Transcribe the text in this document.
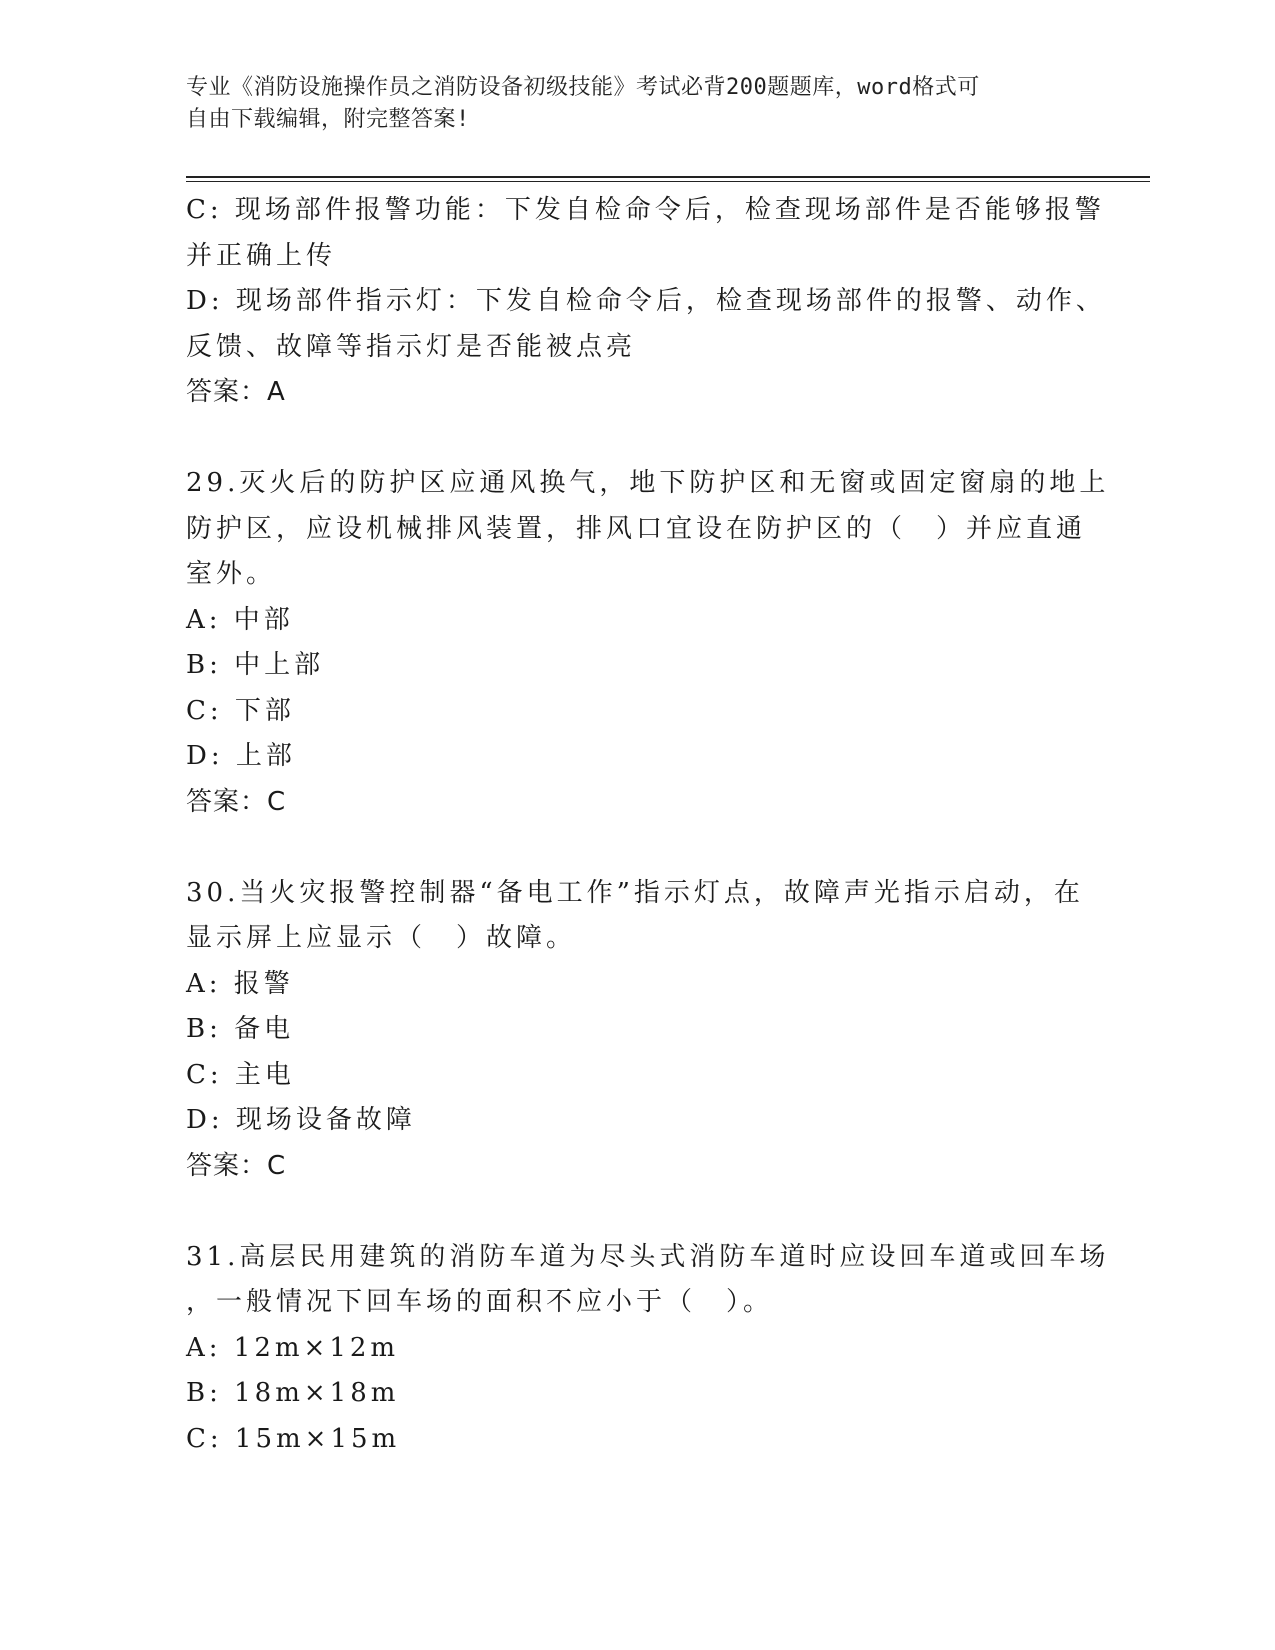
专业《消防设施操作员之消防设备初级技能》考试必背200题题库，word格式可
自由下载编辑，附完整答案!
C: 现场部件报警功能：下发自检命令后，检查现场部件是否能够报警
并正确上传
D: 现场部件指示灯：下发自检命令后，检查现场部件的报警、动作、
反馈、故障等指示灯是否能被点亮
答案：A
29.灭火后的防护区应通风换气，地下防护区和无窗或固定窗扇的地上
防护区，应设机械排风装置，排风口宜设在防护区的（　）并应直通
室外。
A: 中部
B: 中上部
C: 下部
D: 上部
答案：C
30.当火灾报警控制器“备电工作”指示灯点，故障声光指示启动，在
显示屏上应显示（　）故障。
A: 报警
B: 备电
C: 主电
D: 现场设备故障
答案：C
31.高层民用建筑的消防车道为尽头式消防车道时应设回车道或回车场
，一般情况下回车场的面积不应小于（　）。
A: 12m×12m
B: 18m×18m
C: 15m×15m
